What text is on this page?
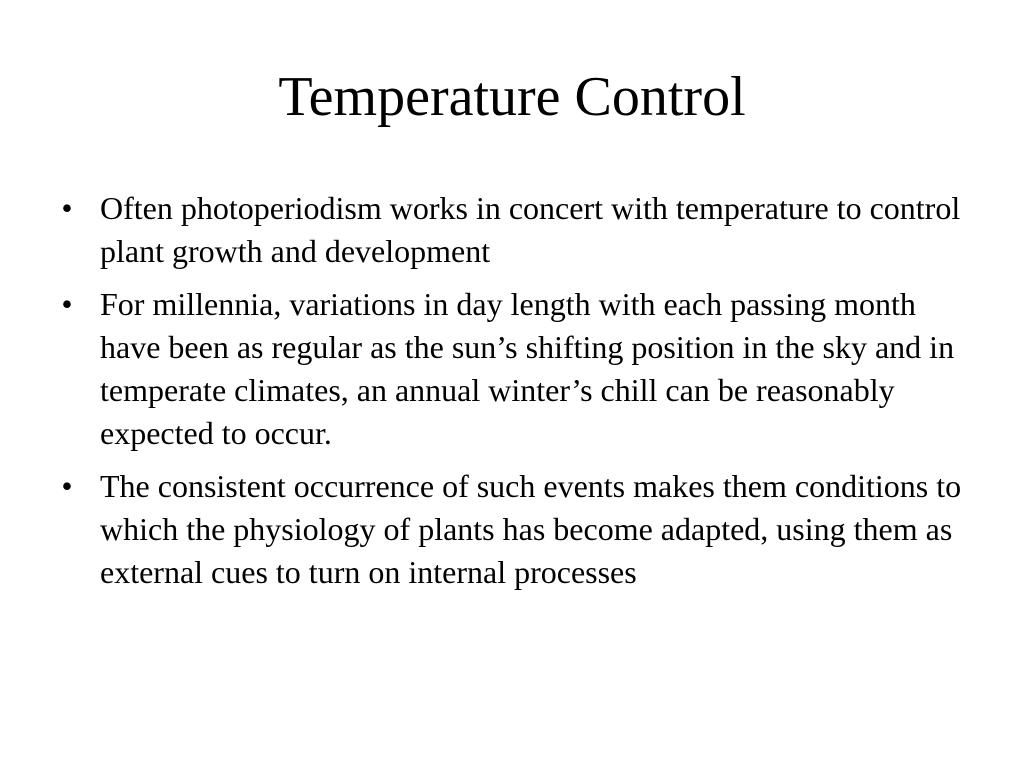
Temperature Control
• Often photoperiodism works in concert with temperature to control plant growth and development
• For millennia, variations in day length with each passing month have been as regular as the sun’s shifting position in the sky and in temperate climates, an annual winter’s chill can be reasonably expected to occur.
• The consistent occurrence of such events makes them conditions to which the physiology of plants has become adapted, using them as external cues to turn on internal processes
